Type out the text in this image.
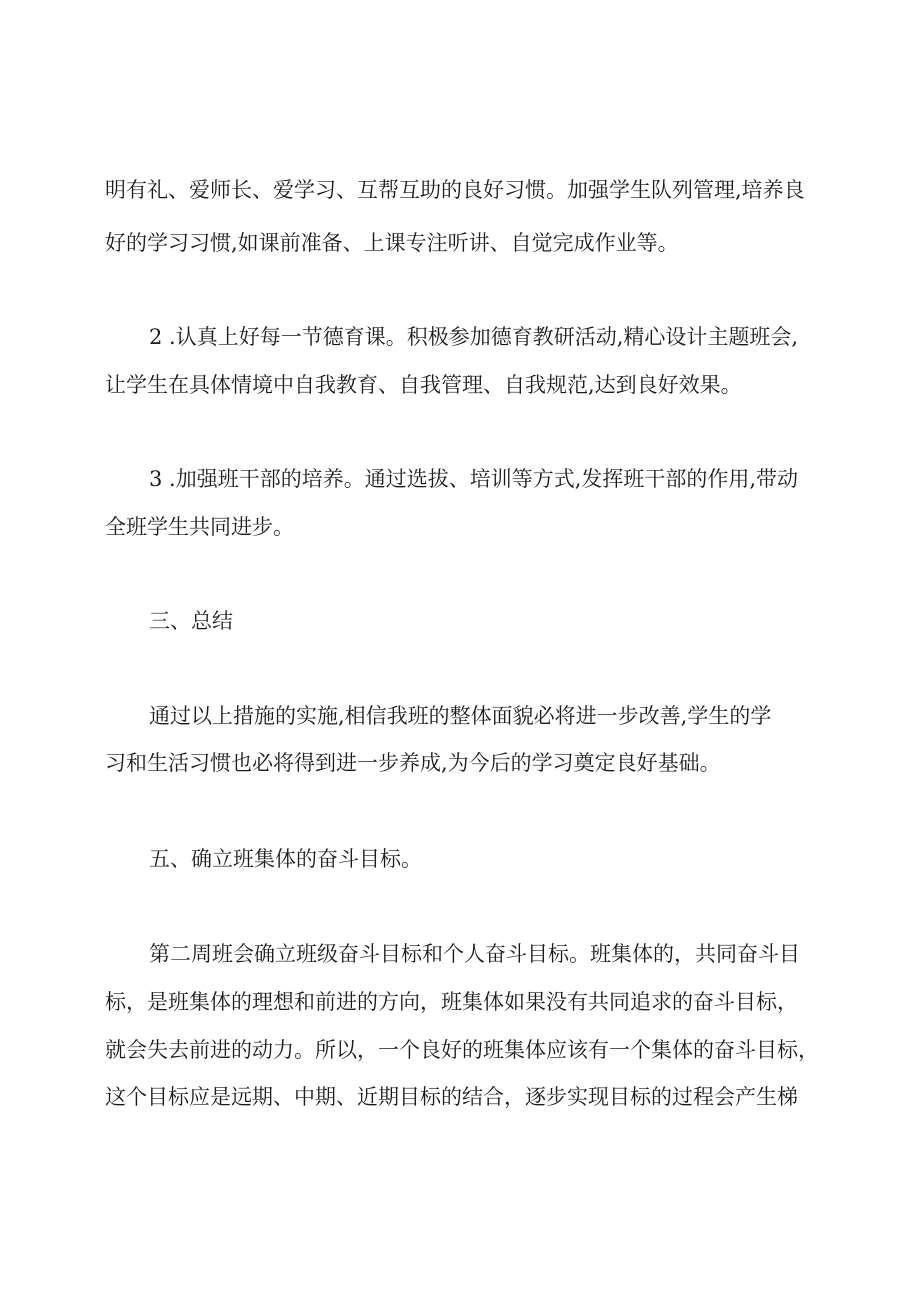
明有礼、爱师长、爱学习、互帮互助的良好习惯。加强学生队列管理,培养良
好的学习习惯,如课前准备、上课专注听讲、自觉完成作业等。
2 .认真上好每一节德育课。积极参加德育教研活动,精心设计主题班会,
让学生在具体情境中自我教育、自我管理、自我规范,达到良好效果。
3 .加强班干部的培养。通过选拔、培训等方式,发挥班干部的作用,带动
全班学生共同进步。
三、总结
通过以上措施的实施,相信我班的整体面貌必将进一步改善,学生的学
习和生活习惯也必将得到进一步养成,为今后的学习奠定良好基础。
五、确立班集体的奋斗目标。
第二周班会确立班级奋斗目标和个人奋斗目标。班集体的，共同奋斗目
标，是班集体的理想和前进的方向，班集体如果没有共同追求的奋斗目标，
就会失去前进的动力。所以，一个良好的班集体应该有一个集体的奋斗目标，
这个目标应是远期、中期、近期目标的结合，逐步实现目标的过程会产生梯
